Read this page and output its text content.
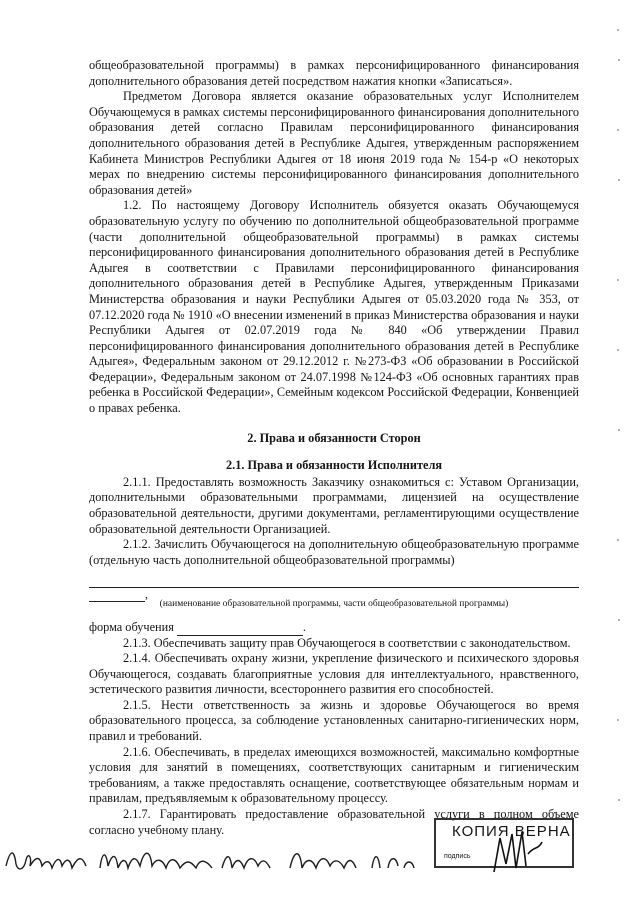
общеобразовательной программы) в рамках персонифицированного финансирования дополнительного образования детей посредством нажатия кнопки «Записаться».

Предметом Договора является оказание образовательных услуг Исполнителем Обучающемуся в рамках системы персонифицированного финансирования дополнительного образования детей согласно Правилам персонифицированного финансирования дополнительного образования детей в Республике Адыгея, утвержденным распоряжением Кабинета Министров Республики Адыгея от 18 июня 2019 года № 154-р «О некоторых мерах по внедрению системы персонифицированного финансирования дополнительного образования детей»

1.2. По настоящему Договору Исполнитель обязуется оказать Обучающемуся образовательную услугу по обучению по дополнительной общеобразовательной программе (части дополнительной общеобразовательной программы) в рамках системы персонифицированного финансирования дополнительного образования детей в Республике Адыгея в соответствии с Правилами персонифицированного финансирования дополнительного образования детей в Республике Адыгея, утвержденным Приказами Министерства образования и науки Республики Адыгея от 05.03.2020 года № 353, от 07.12.2020 года № 1910 «О внесении изменений в приказ Министерства образования и науки Республики Адыгея от 02.07.2019 года № 840 «Об утверждении Правил персонифицированного финансирования дополнительного образования детей в Республике Адыгея», Федеральным законом от 29.12.2012 г. №273-ФЗ «Об образовании в Российской Федерации», Федеральным законом от 24.07.1998 №124-ФЗ «Об основных гарантиях прав ребенка в Российской Федерации», Семейным кодексом Российской Федерации, Конвенцией о правах ребенка.

2. Права и обязанности Сторон

2.1. Права и обязанности Исполнителя

2.1.1. Предоставлять возможность Заказчику ознакомиться с: Уставом Организации, дополнительными образовательными программами, лицензией на осуществление образовательной деятельности, другими документами, регламентирующими осуществление образовательной деятельности Организацией.

2.1.2. Зачислить Обучающегося на дополнительную общеобразовательную программе (отдельную часть дополнительной общеобразовательной программы)

,

(наименование образовательной программы, части общеобразовательной программы)

форма обучения	.

2.1.3. Обеспечивать защиту прав Обучающегося в соответствии с законодательством.

2.1.4. Обеспечивать охрану жизни, укрепление физического и психического здоровья Обучающегося, создавать благоприятные условия для интеллектуального, нравственного, эстетического развития личности, всестороннего развития его способностей.

2.1.5. Нести ответственность за жизнь и здоровье Обучающегося во время образовательного процесса, за соблюдение установленных санитарно-гигиенических норм, правил и требований.

2.1.6. Обеспечивать, в пределах имеющихся возможностей, максимально комфортные условия для занятий в помещениях, соответствующих санитарным и гигиеническим требованиям, а также предоставлять оснащение, соответствующее обязательным нормам и правилам, предъявляемым к образовательному процессу.

2.1.7. Гарантировать предоставление образовательной услуги в полном объеме согласно учебному плану.	КОПИЯ ВЕРНА
подпись
